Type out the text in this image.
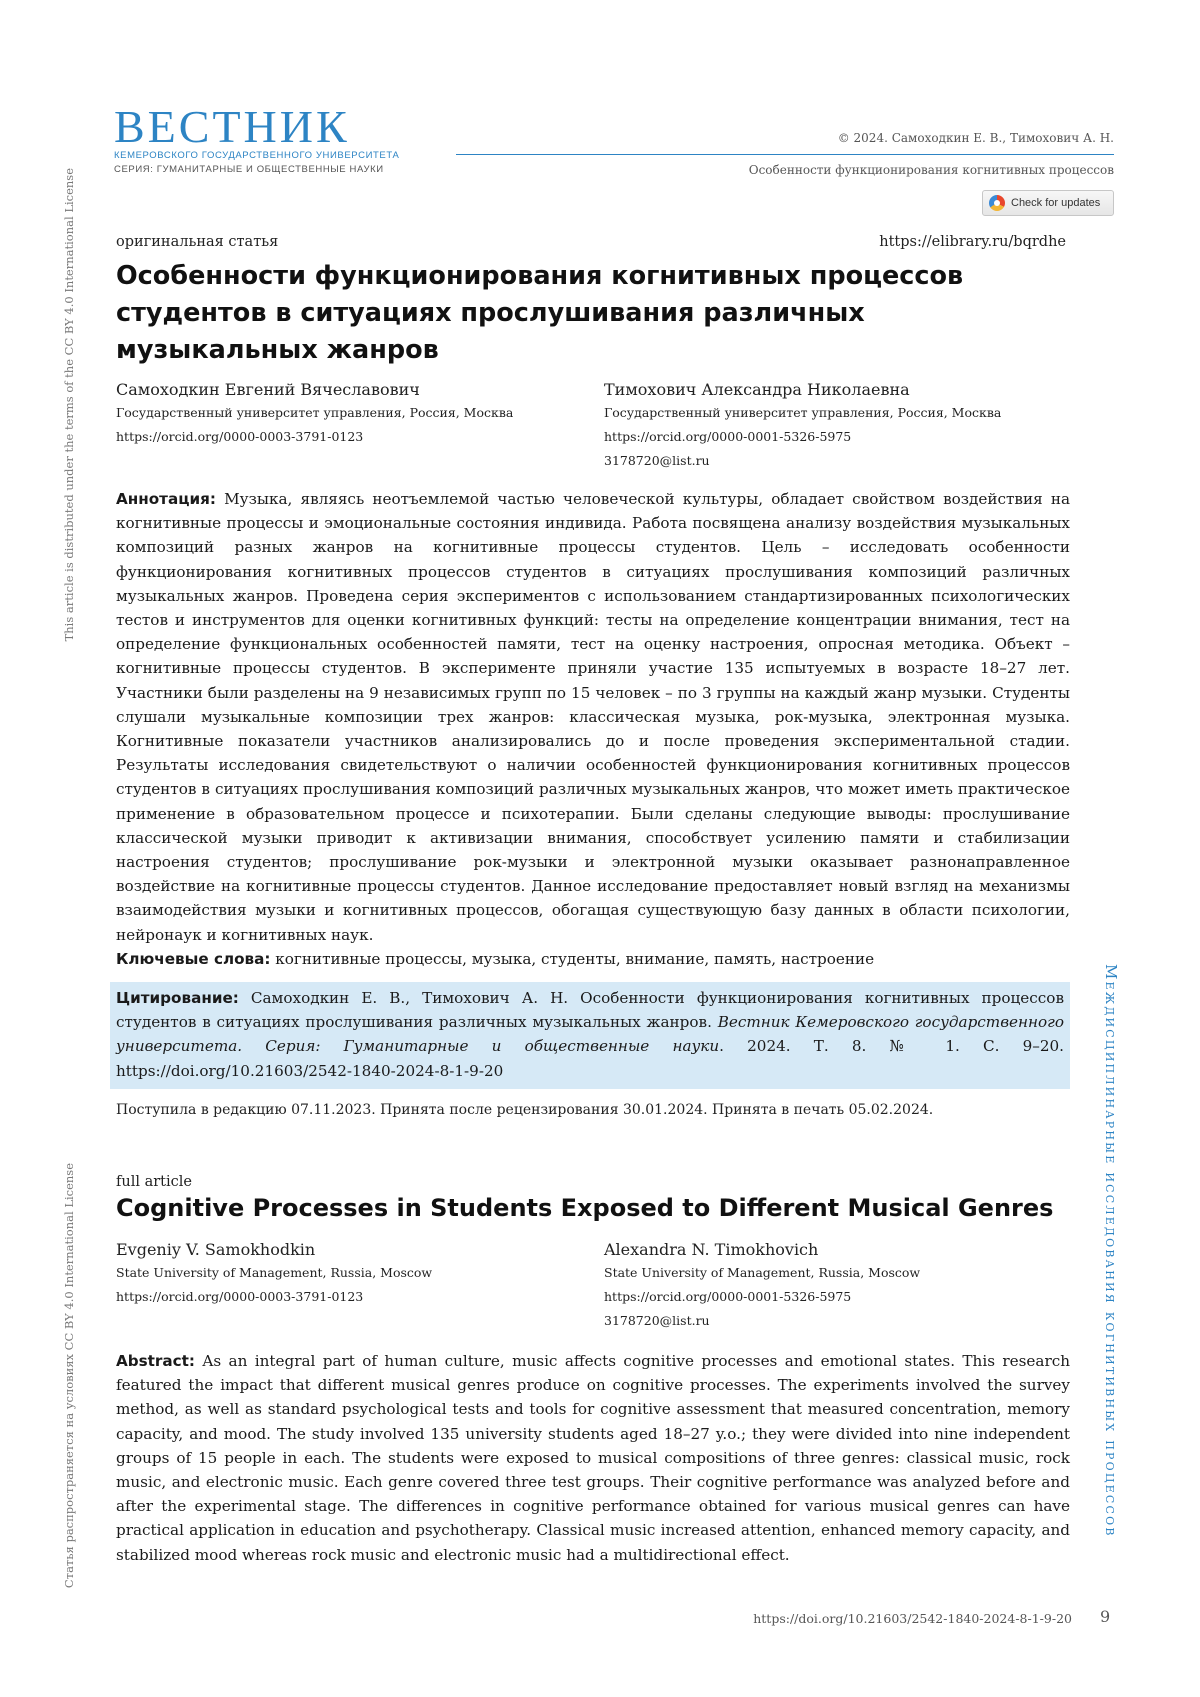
ВЕСТНИК
КЕМЕРОВСКОГО ГОСУДАРСТВЕННОГО УНИВЕРСИТЕТА
СЕРИЯ: ГУМАНИТАРНЫЕ И ОБЩЕСТВЕННЫЕ НАУКИ
© 2024. Самоходкин Е. В., Тимохович А. Н.
Особенности функционирования когнитивных процессов
Check for updates
This article is distributed under the terms of the CC BY 4.0 International License
Статья распространяется на условиях CC BY 4.0 International License	Междисциплинарные исследования когнитивных процессов
оригинальная статья	https://elibrary.ru/bqrdhe
Особенности функционирования когнитивных процессов студентов в ситуациях прослушивания различных музыкальных жанров
Самоходкин Евгений Вячеславович
Государственный университет управления, Россия, Москва
https://orcid.org/0000-0003-3791-0123
Тимохович Александра Николаевна
Государственный университет управления, Россия, Москва
https://orcid.org/0000-0001-5326-5975
3178720@list.ru
Аннотация: Музыка, являясь неотъемлемой частью человеческой культуры, обладает свойством воздействия на когнитивные процессы и эмоциональные состояния индивида. Работа посвящена анализу воздействия музыкальных композиций разных жанров на когнитивные процессы студентов. Цель – исследовать особенности функционирования когнитивных процессов студентов в ситуациях прослушивания композиций различных музыкальных жанров. Проведена серия экспериментов с использованием стандартизированных психологических тестов и инструментов для оценки когнитивных функций: тесты на определение концентрации внимания, тест на определение функциональных особенностей памяти, тест на оценку настроения, опросная методика. Объект – когнитивные процессы студентов. В эксперименте приняли участие 135 испытуемых в возрасте 18–27 лет. Участники были разделены на 9 независимых групп по 15 человек – по 3 группы на каждый жанр музыки. Студенты слушали музыкальные композиции трех жанров: классическая музыка, рок-музыка, электронная музыка. Когнитивные показатели участников анализировались до и после проведения экспериментальной стадии. Результаты исследования свидетельствуют о наличии особенностей функционирования когнитивных процессов студентов в ситуациях прослушивания композиций различных музыкальных жанров, что может иметь практическое применение в образовательном процессе и психотерапии. Были сделаны следующие выводы: прослушивание классической музыки приводит к активизации внимания, способствует усилению памяти и стабилизации настроения студентов; прослушивание рок-музыки и электронной музыки оказывает разнонаправленное воздействие на когнитивные процессы студентов. Данное исследование предоставляет новый взгляд на механизмы взаимодействия музыки и когнитивных процессов, обогащая существующую базу данных в области психологии, нейронаук и когнитивных наук.
Ключевые слова: когнитивные процессы, музыка, студенты, внимание, память, настроение
Цитирование: Самоходкин Е. В., Тимохович А. Н. Особенности функционирования когнитивных процессов студентов в ситуациях прослушивания различных музыкальных жанров. Вестник Кемеровского государственного университета. Серия: Гуманитарные и общественные науки. 2024. Т. 8. № 1. С. 9–20. https://doi.org/10.21603/2542-1840-2024-8-1-9-20
Поступила в редакцию 07.11.2023. Принята после рецензирования 30.01.2024. Принята в печать 05.02.2024.
full article
Cognitive Processes in Students Exposed to Different Musical Genres
Evgeniy V. Samokhodkin
State University of Management, Russia, Moscow
https://orcid.org/0000-0003-3791-0123
Alexandra N. Timokhovich
State University of Management, Russia, Moscow
https://orcid.org/0000-0001-5326-5975
3178720@list.ru
Abstract: As an integral part of human culture, music affects cognitive processes and emotional states. This research featured the impact that different musical genres produce on cognitive processes. The experiments involved the survey method, as well as standard psychological tests and tools for cognitive assessment that measured concentration, memory capacity, and mood. The study involved 135 university students aged 18–27 y.o.; they were divided into nine independent groups of 15 people in each. The students were exposed to musical compositions of three genres: classical music, rock music, and electronic music. Each genre covered three test groups. Their cognitive performance was analyzed before and after the experimental stage. The differences in cognitive performance obtained for various musical genres can have practical application in education and psychotherapy. Classical music increased attention, enhanced memory capacity, and stabilized mood whereas rock music and electronic music had a multidirectional effect.
https://doi.org/10.21603/2542-1840-2024-8-1-9-20 9
